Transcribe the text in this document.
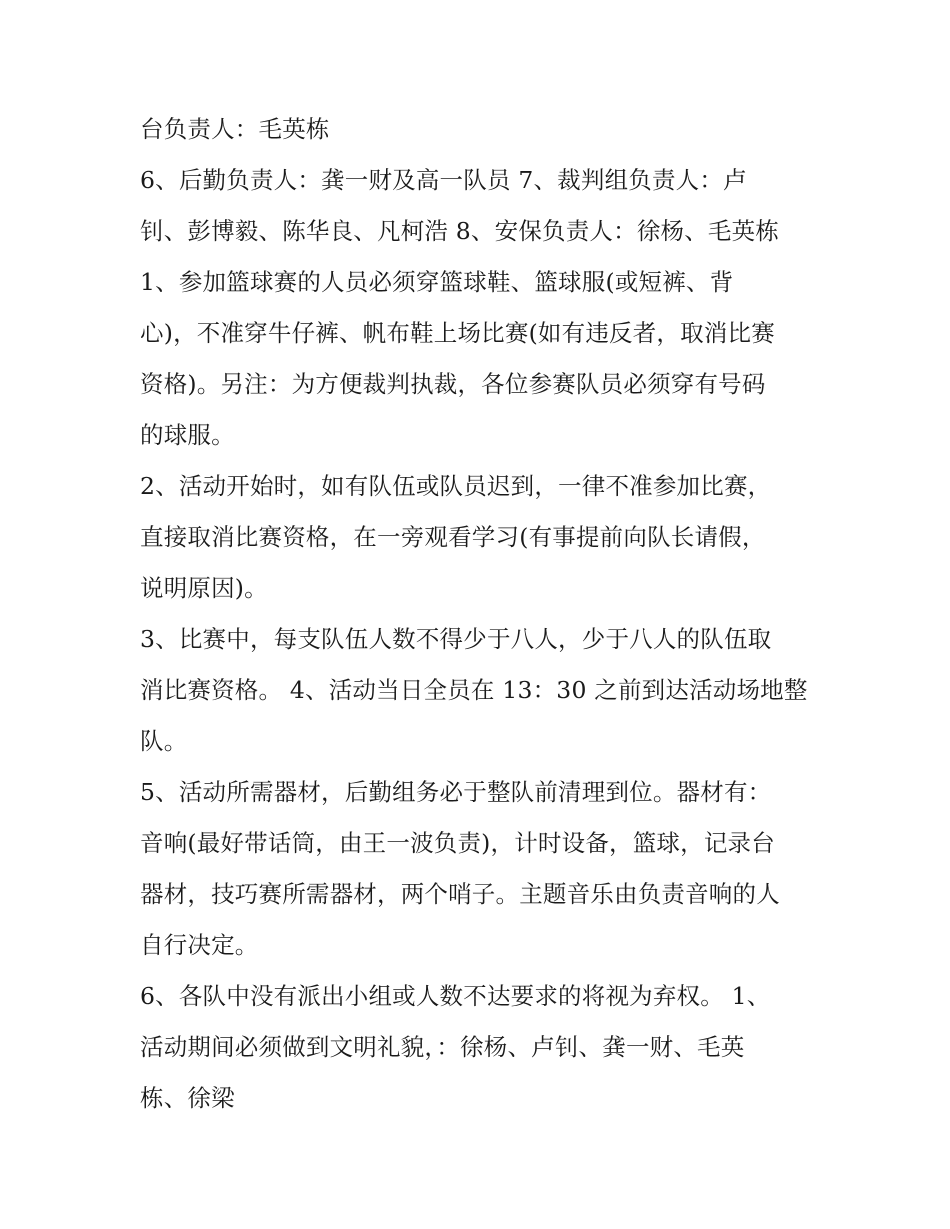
台负责人：毛英栋
6、后勤负责人：龚一财及高一队员 7、裁判组负责人：卢
钊、彭博毅、陈华良、凡柯浩 8、安保负责人：徐杨、毛英栋
1、参加篮球赛的人员必须穿篮球鞋、篮球服(或短裤、背
心)，不准穿牛仔裤、帆布鞋上场比赛(如有违反者，取消比赛
资格)。另注：为方便裁判执裁，各位参赛队员必须穿有号码
的球服。
2、活动开始时，如有队伍或队员迟到，一律不准参加比赛，
直接取消比赛资格，在一旁观看学习(有事提前向队长请假，
说明原因)。
3、比赛中，每支队伍人数不得少于八人，少于八人的队伍取
消比赛资格。 4、活动当日全员在 13：30 之前到达活动场地整
队。
5、活动所需器材，后勤组务必于整队前清理到位。器材有：
音响(最好带话筒，由王一波负责)，计时设备，篮球，记录台
器材，技巧赛所需器材，两个哨子。主题音乐由负责音响的人
自行决定。
6、各队中没有派出小组或人数不达要求的将视为弃权。 1、
活动期间必须做到文明礼貌，：徐杨、卢钊、龚一财、毛英
栋、徐梁
